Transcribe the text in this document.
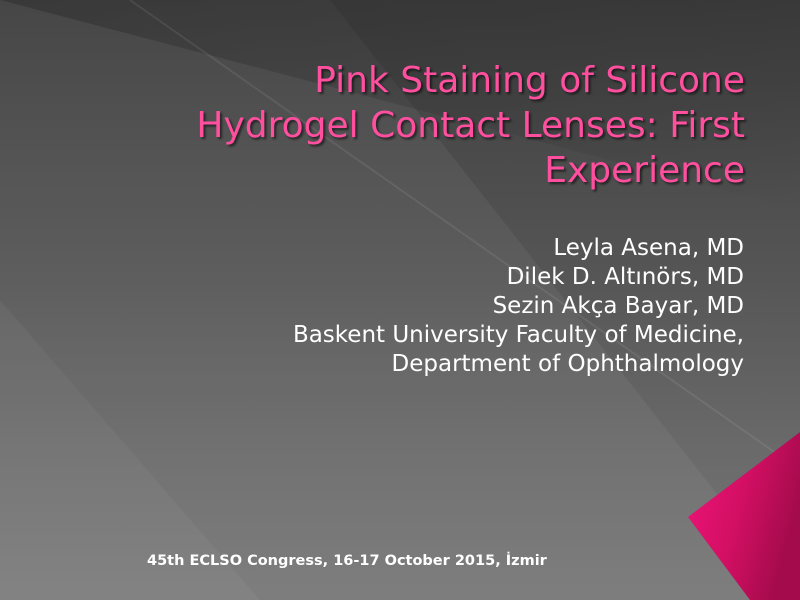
Pink Staining of Silicone
Hydrogel Contact Lenses: First
Experience
Leyla Asena, MD
Dilek D. Altınörs, MD
Sezin Akça Bayar, MD
Baskent University Faculty of Medicine,
Department of Ophthalmology
45th ECLSO Congress, 16-17 October 2015, İzmir
